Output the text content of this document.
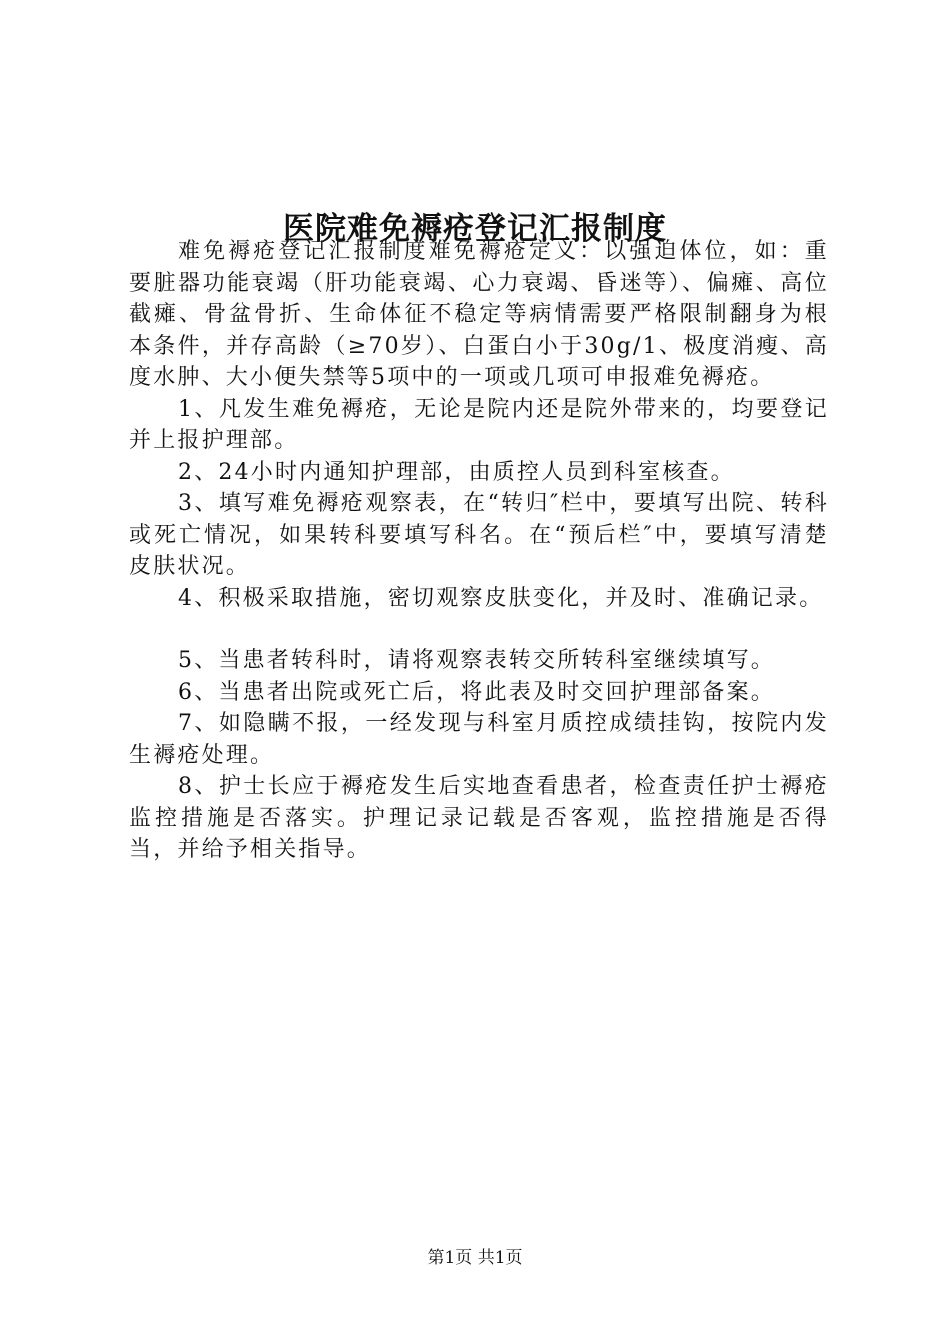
医院难免褥疮登记汇报制度

难免褥疮登记汇报制度难免褥疮定义：以强迫体位，如：重要脏器功能衰竭（肝功能衰竭、心力衰竭、昏迷等）、偏瘫、高位截瘫、骨盆骨折、生命体征不稳定等病情需要严格限制翻身为根本条件，并存高龄（≥70岁）、白蛋白小于30g/1、极度消瘦、高度水肿、大小便失禁等5项中的一项或几项可申报难免褥疮。

1、凡发生难免褥疮，无论是院内还是院外带来的，均要登记并上报护理部。

2、24小时内通知护理部，由质控人员到科室核查。

3、填写难免褥疮观察表，在“转归″栏中，要填写出院、转科或死亡情况，如果转科要填写科名。在“预后栏″中，要填写清楚皮肤状况。

4、积极采取措施，密切观察皮肤变化，并及时、准确记录。

5、当患者转科时，请将观察表转交所转科室继续填写。

6、当患者出院或死亡后，将此表及时交回护理部备案。

7、如隐瞒不报，一经发现与科室月质控成绩挂钩，按院内发生褥疮处理。

8、护士长应于褥疮发生后实地查看患者，检查责任护士褥疮监控措施是否落实。护理记录记载是否客观，监控措施是否得当，并给予相关指导。

第1页 共1页
